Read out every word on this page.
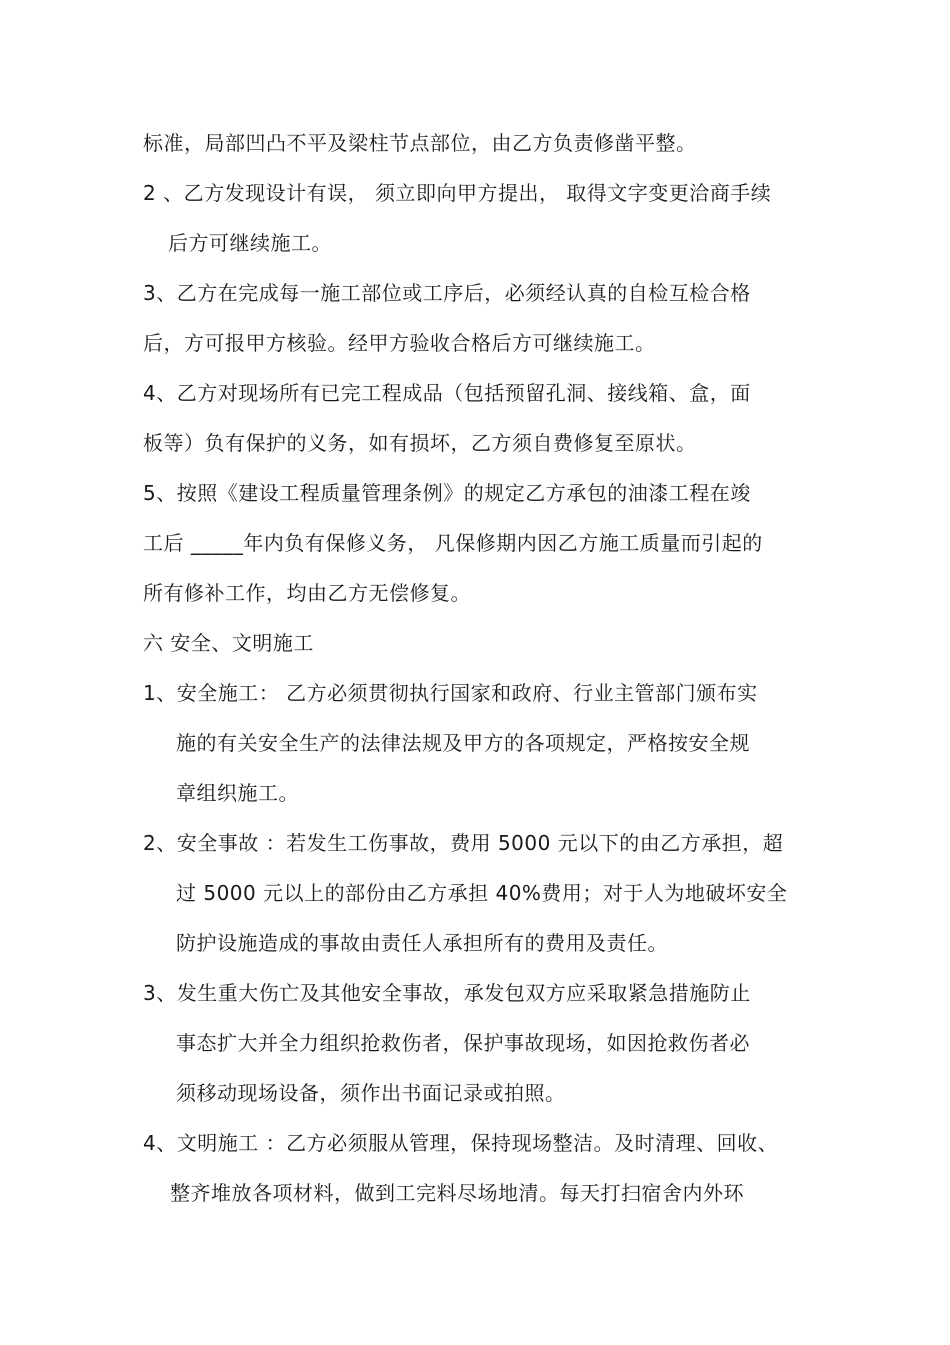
标准，局部凹凸不平及梁柱节点部位，由乙方负责修凿平整。
2 、乙方发现设计有误， 须立即向甲方提出， 取得文字变更洽商手续
后方可继续施工。
3、乙方在完成每一施工部位或工序后，必须经认真的自检互检合格
后，方可报甲方核验。经甲方验收合格后方可继续施工。
4、乙方对现场所有已完工程成品（包括预留孔洞、接线箱、盒，面
板等）负有保护的义务，如有损坏，乙方须自费修复至原状。
5、按照《建设工程质量管理条例》的规定乙方承包的油漆工程在竣
工后 _____年内负有保修义务， 凡保修期内因乙方施工质量而引起的
所有修补工作，均由乙方无偿修复。
六 安全、文明施工
1、安全施工： 乙方必须贯彻执行国家和政府、行业主管部门颁布实
施的有关安全生产的法律法规及甲方的各项规定，严格按安全规
章组织施工。
2、安全事故 ：若发生工伤事故，费用 5000 元以下的由乙方承担，超
过 5000 元以上的部份由乙方承担 40%费用；对于人为地破坏安全
防护设施造成的事故由责任人承担所有的费用及责任。
3、发生重大伤亡及其他安全事故，承发包双方应采取紧急措施防止
事态扩大并全力组织抢救伤者，保护事故现场，如因抢救伤者必
须移动现场设备，须作出书面记录或拍照。
4、文明施工 ：乙方必须服从管理，保持现场整洁。及时清理、回收、
整齐堆放各项材料，做到工完料尽场地清。每天打扫宿舍内外环
